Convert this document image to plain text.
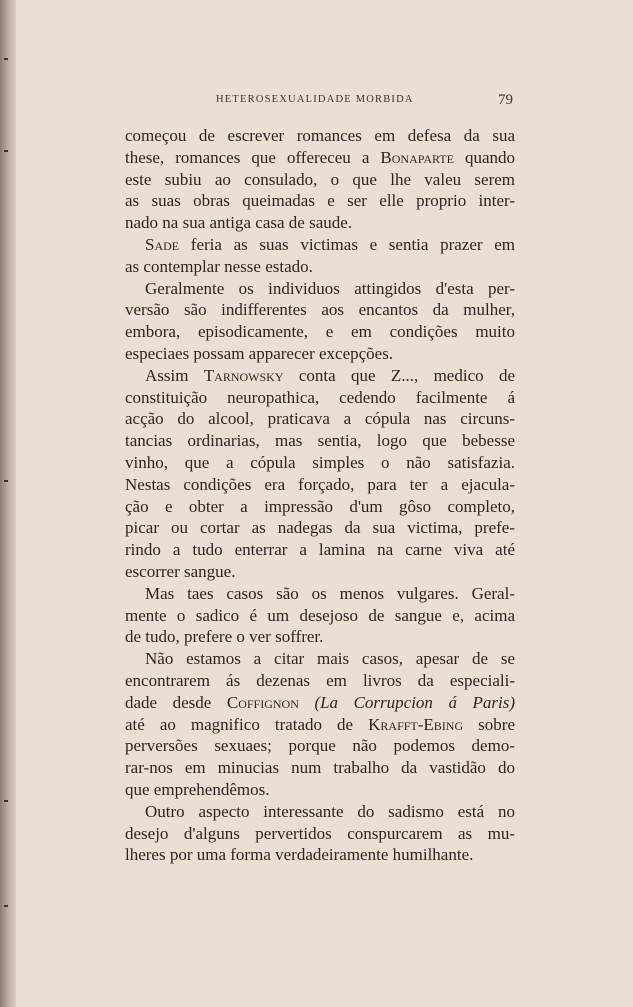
HETEROSEXUALIDADE MORBIDA	79
começou de escrever romances em defesa da sua
these, romances que offereceu a Bonaparte quando
este subiu ao consulado, o que lhe valeu serem
as suas obras queimadas e ser elle proprio inter-
nado na sua antiga casa de saude.
Sade feria as suas victimas e sentia prazer em
as contemplar nesse estado.
Geralmente os individuos attingidos d'esta per-
versão são indifferentes aos encantos da mulher,
embora, episodicamente, e em condições muito
especiaes possam apparecer excepções.
Assim Tarnowsky conta que Z..., medico de
constituição neuropathica, cedendo facilmente á
acção do alcool, praticava a cópula nas circuns-
tancias ordinarias, mas sentia, logo que bebesse
vinho, que a cópula simples o não satisfazia.
Nestas condições era forçado, para ter a ejacula-
ção e obter a impressão d'um gôso completo,
picar ou cortar as nadegas da sua victima, prefe-
rindo a tudo enterrar a lamina na carne viva até
escorrer sangue.
Mas taes casos são os menos vulgares. Geral-
mente o sadico é um desejoso de sangue e, acima
de tudo, prefere o ver soffrer.
Não estamos a citar mais casos, apesar de se
encontrarem ás dezenas em livros da especiali-
dade desde Coffignon (La Corrupcion á Paris)
até ao magnifico tratado de Krafft-Ebing sobre
perversões sexuaes; porque não podemos demo-
rar-nos em minucias num trabalho da vastidão do
que emprehendêmos.
Outro aspecto interessante do sadismo está no
desejo d'alguns pervertidos conspurcarem as mu-
lheres por uma forma verdadeiramente humilhante.
